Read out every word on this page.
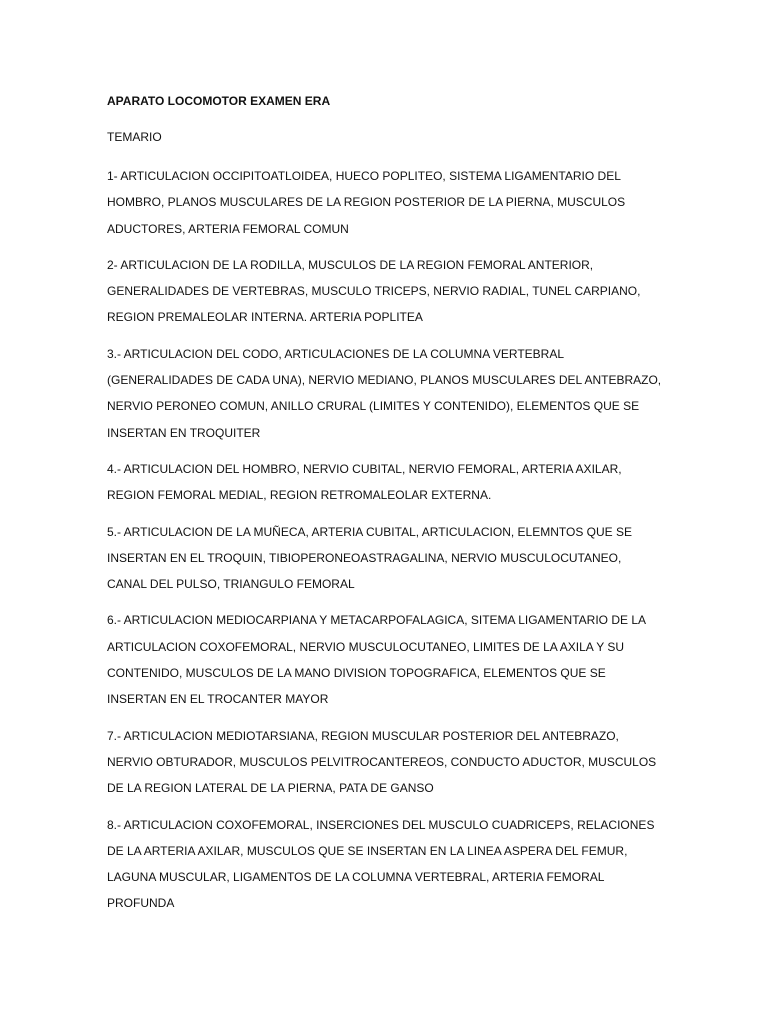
APARATO LOCOMOTOR EXAMEN ERA
TEMARIO
1- ARTICULACION OCCIPITOATLOIDEA, HUECO POPLITEO, SISTEMA LIGAMENTARIO DEL HOMBRO, PLANOS MUSCULARES DE LA REGION POSTERIOR DE LA PIERNA, MUSCULOS ADUCTORES, ARTERIA FEMORAL COMUN
2- ARTICULACION DE LA RODILLA, MUSCULOS DE LA REGION FEMORAL ANTERIOR, GENERALIDADES DE VERTEBRAS, MUSCULO TRICEPS, NERVIO RADIAL, TUNEL CARPIANO, REGION PREMALEOLAR INTERNA. ARTERIA POPLITEA
3.- ARTICULACION DEL CODO, ARTICULACIONES DE LA COLUMNA VERTEBRAL (GENERALIDADES DE CADA UNA), NERVIO MEDIANO, PLANOS MUSCULARES DEL ANTEBRAZO, NERVIO PERONEO COMUN, ANILLO CRURAL (LIMITES Y CONTENIDO), ELEMENTOS QUE SE INSERTAN EN TROQUITER
4.- ARTICULACION DEL HOMBRO, NERVIO CUBITAL, NERVIO FEMORAL, ARTERIA AXILAR, REGION FEMORAL MEDIAL, REGION RETROMALEOLAR EXTERNA.
5.- ARTICULACION DE LA MUÑECA, ARTERIA CUBITAL, ARTICULACION, ELEMNTOS QUE SE INSERTAN EN EL TROQUIN, TIBIOPERONEOASTRAGALINA, NERVIO MUSCULOCUTANEO, CANAL DEL PULSO, TRIANGULO FEMORAL
6.- ARTICULACION MEDIOCARPIANA Y METACARPOFALAGICA, SITEMA LIGAMENTARIO DE LA ARTICULACION COXOFEMORAL, NERVIO MUSCULOCUTANEO, LIMITES DE LA AXILA Y SU CONTENIDO, MUSCULOS DE LA MANO DIVISION TOPOGRAFICA, ELEMENTOS QUE SE INSERTAN EN EL TROCANTER MAYOR
7.- ARTICULACION MEDIOTARSIANA, REGION MUSCULAR POSTERIOR DEL ANTEBRAZO, NERVIO OBTURADOR, MUSCULOS PELVITROCANTEREOS, CONDUCTO ADUCTOR, MUSCULOS DE LA REGION LATERAL DE LA PIERNA, PATA DE GANSO
8.- ARTICULACION COXOFEMORAL, INSERCIONES DEL MUSCULO CUADRICEPS, RELACIONES DE LA ARTERIA AXILAR, MUSCULOS QUE SE INSERTAN EN LA LINEA ASPERA DEL FEMUR, LAGUNA MUSCULAR, LIGAMENTOS DE LA COLUMNA VERTEBRAL, ARTERIA FEMORAL PROFUNDA
